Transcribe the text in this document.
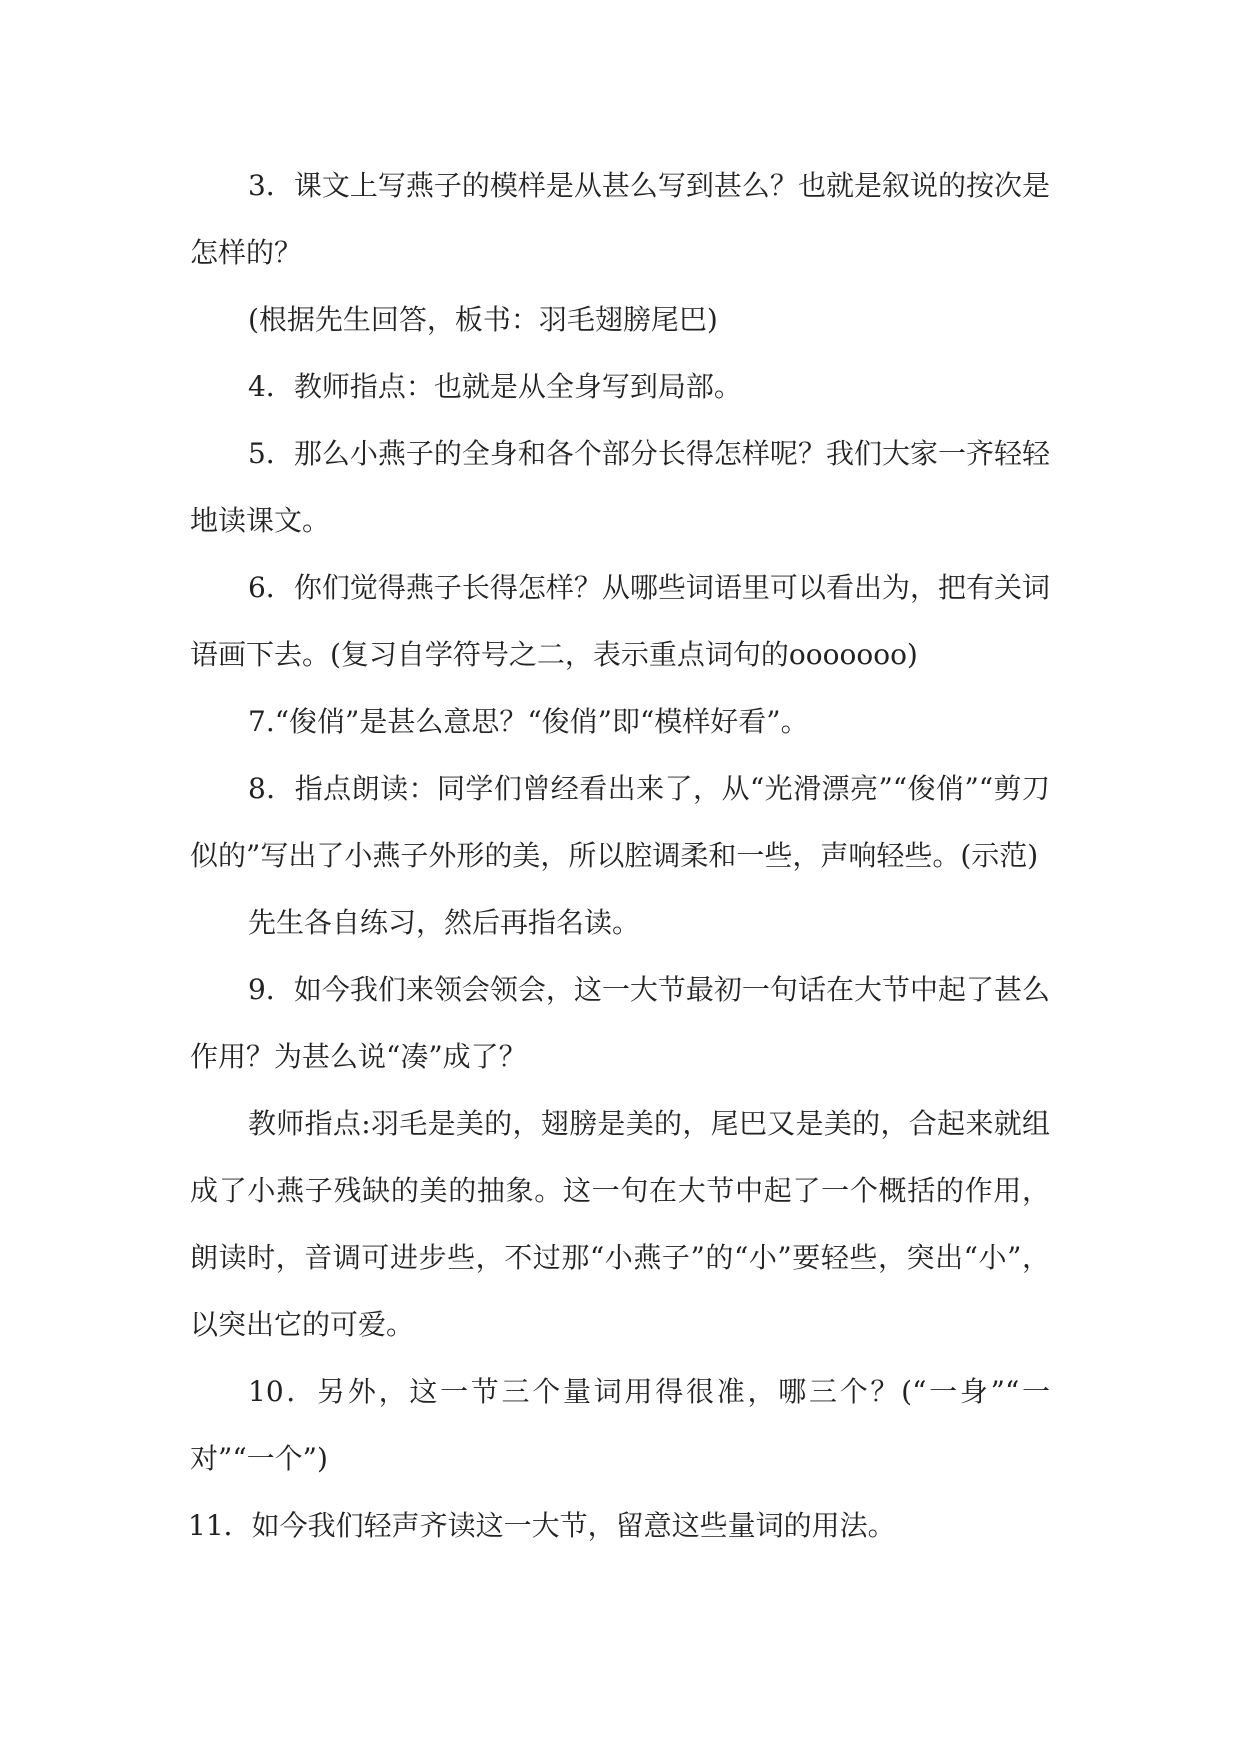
3．课文上写燕子的模样是从甚么写到甚么？也就是叙说的按次是怎样的？

(根据先生回答，板书：羽毛翅膀尾巴)

4．教师指点：也就是从全身写到局部。

5．那么小燕子的全身和各个部分长得怎样呢？我们大家一齐轻轻地读课文。

6．你们觉得燕子长得怎样？从哪些词语里可以看出为，把有关词语画下去。(复习自学符号之二，表示重点词句的ooooooo)

7.“俊俏”是甚么意思？“俊俏”即“模样好看”。

8．指点朗读：同学们曾经看出来了，从“光滑漂亮”“俊俏”“剪刀似的”写出了小燕子外形的美，所以腔调柔和一些，声响轻些。(示范)

先生各自练习，然后再指名读。

9．如今我们来领会领会，这一大节最初一句话在大节中起了甚么作用？为甚么说“凑”成了？

教师指点:羽毛是美的，翅膀是美的，尾巴又是美的，合起来就组成了小燕子残缺的美的抽象。这一句在大节中起了一个概括的作用，朗读时，音调可进步些，不过那“小燕子”的“小”要轻些，突出“小”，以突出它的可爱。

10．另外，这一节三个量词用得很准，哪三个？(“一身”“一对”“一个”)

11．如今我们轻声齐读这一大节，留意这些量词的用法。
